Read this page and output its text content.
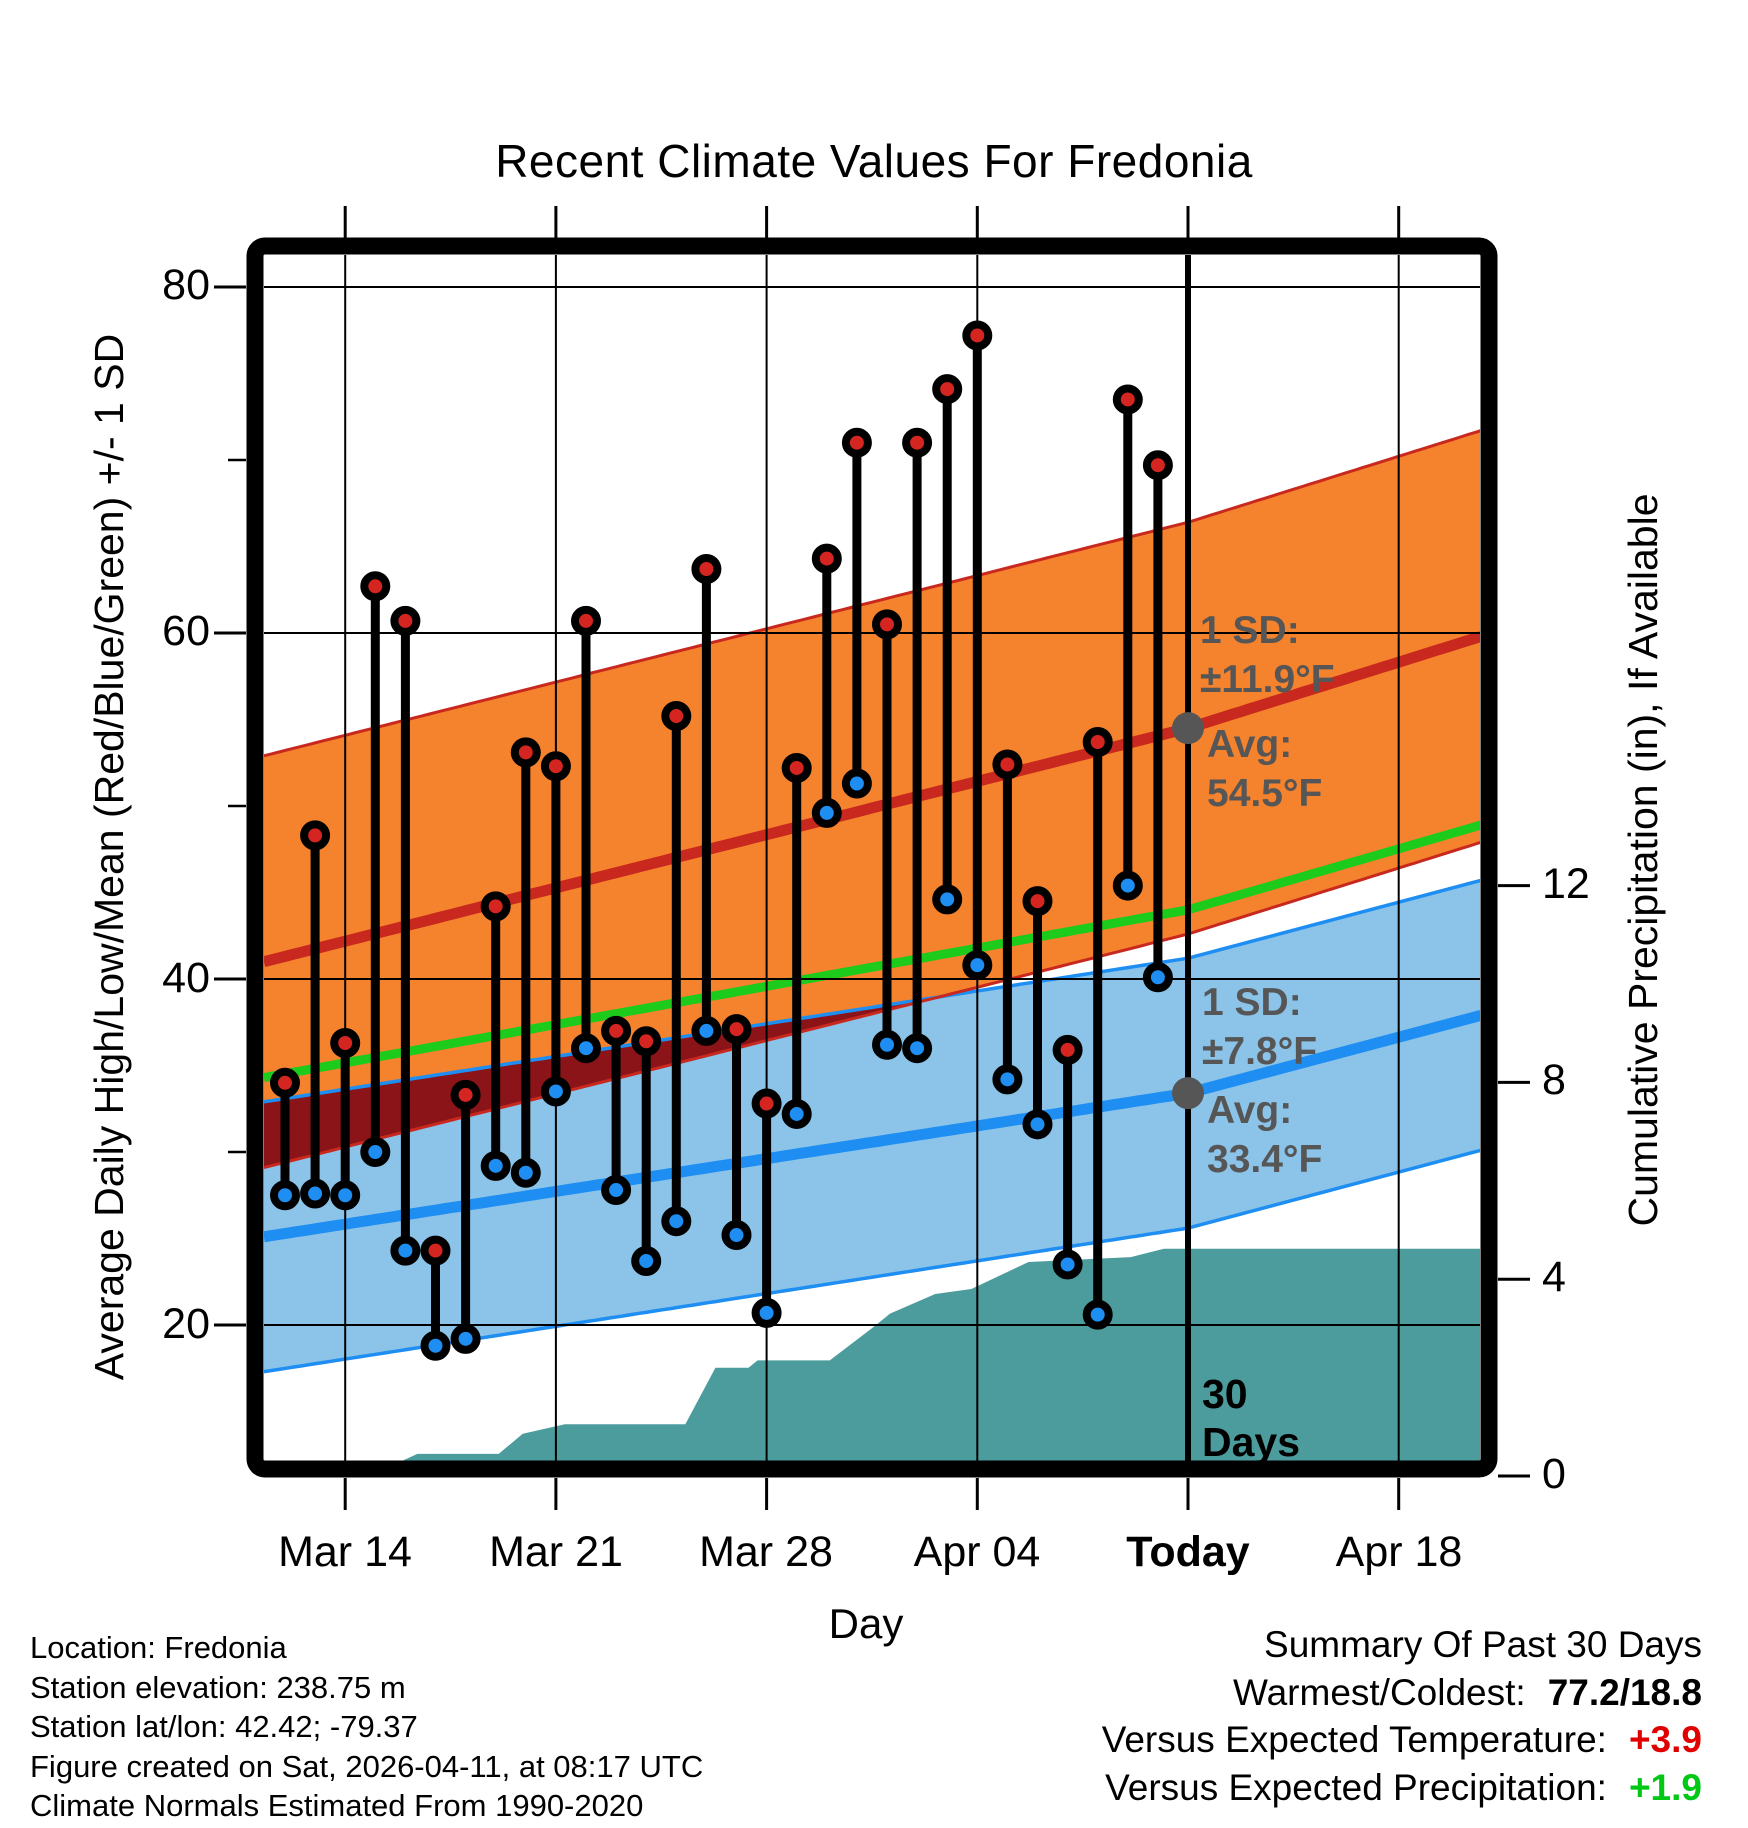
Recent Climate Values For Fredonia
Average Daily High/Low/Mean (Red/Blue/Green) +/- 1 SD	Cumulative Precipitation (in), If Available
80
60
40
20
12
8
4
0
Mar 14	Mar 21	Mar 28	Apr 04	Today	Apr 18
Day
1 SD:
±11.9°F
Avg:
54.5°F
1 SD:
±7.8°F
Avg:
33.4°F
30
Days
Location: Fredonia
Station elevation: 238.75 m
Station lat/lon: 42.42; -79.37
Figure created on Sat, 2026-04-11, at 08:17 UTC
Climate Normals Estimated From 1990-2020
Summary Of Past 30 Days
Warmest/Coldest: 77.2/18.8
Versus Expected Temperature: +3.9
Versus Expected Precipitation: +1.9
